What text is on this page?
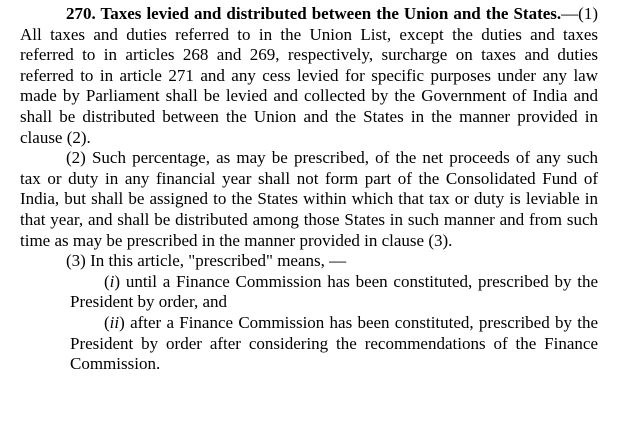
270. Taxes levied and distributed between the Union and the States.—(1) All taxes and duties referred to in the Union List, except the duties and taxes referred to in articles 268 and 269, respectively, surcharge on taxes and duties referred to in article 271 and any cess levied for specific purposes under any law made by Parliament shall be levied and collected by the Government of India and shall be distributed between the Union and the States in the manner provided in clause (2).

(2) Such percentage, as may be prescribed, of the net proceeds of any such tax or duty in any financial year shall not form part of the Consolidated Fund of India, but shall be assigned to the States within which that tax or duty is leviable in that year, and shall be distributed among those States in such manner and from such time as may be prescribed in the manner provided in clause (3).

(3) In this article, "prescribed" means, —

(i) until a Finance Commission has been constituted, prescribed by the President by order, and

(ii) after a Finance Commission has been constituted, prescribed by the President by order after considering the recommendations of the Finance Commission.
